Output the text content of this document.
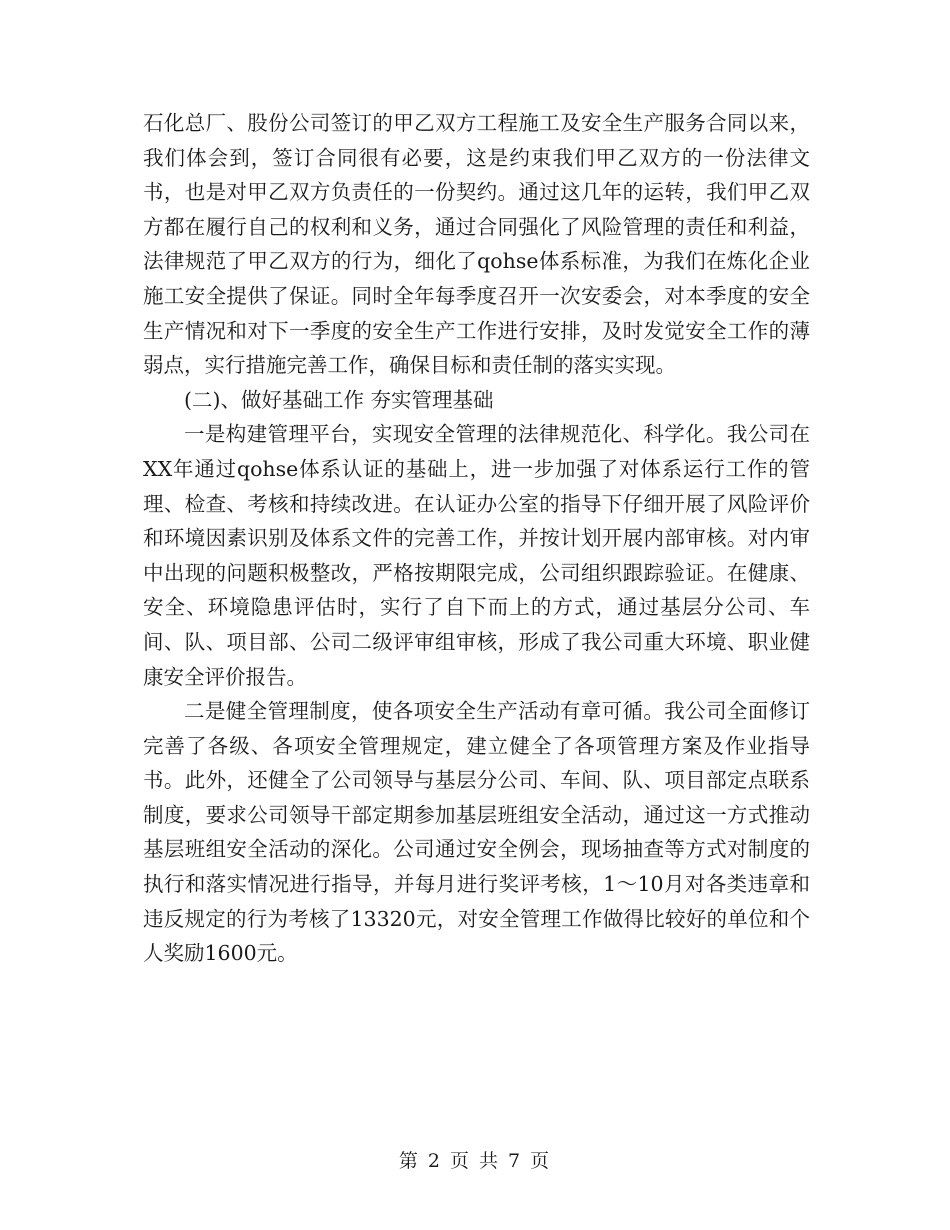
石化总厂、股份公司签订的甲乙双方工程施工及安全生产服务合同以来，我们体会到，签订合同很有必要，这是约束我们甲乙双方的一份法律文书，也是对甲乙双方负责任的一份契约。通过这几年的运转，我们甲乙双方都在履行自己的权利和义务，通过合同强化了风险管理的责任和利益，法律规范了甲乙双方的行为，细化了qohse体系标准，为我们在炼化企业施工安全提供了保证。同时全年每季度召开一次安委会，对本季度的安全生产情况和对下一季度的安全生产工作进行安排，及时发觉安全工作的薄弱点，实行措施完善工作，确保目标和责任制的落实实现。

(二)、做好基础工作 夯实管理基础

一是构建管理平台，实现安全管理的法律规范化、科学化。我公司在XX年通过qohse体系认证的基础上，进一步加强了对体系运行工作的管理、检查、考核和持续改进。在认证办公室的指导下仔细开展了风险评价和环境因素识别及体系文件的完善工作，并按计划开展内部审核。对内审中出现的问题积极整改，严格按期限完成，公司组织跟踪验证。在健康、安全、环境隐患评估时，实行了自下而上的方式，通过基层分公司、车间、队、项目部、公司二级评审组审核，形成了我公司重大环境、职业健康安全评价报告。

二是健全管理制度，使各项安全生产活动有章可循。我公司全面修订完善了各级、各项安全管理规定，建立健全了各项管理方案及作业指导书。此外，还健全了公司领导与基层分公司、车间、队、项目部定点联系制度，要求公司领导干部定期参加基层班组安全活动，通过这一方式推动基层班组安全活动的深化。公司通过安全例会，现场抽查等方式对制度的执行和落实情况进行指导，并每月进行奖评考核，1～10月对各类违章和违反规定的行为考核了13320元，对安全管理工作做得比较好的单位和个人奖励1600元。

第 2 页 共 7 页
